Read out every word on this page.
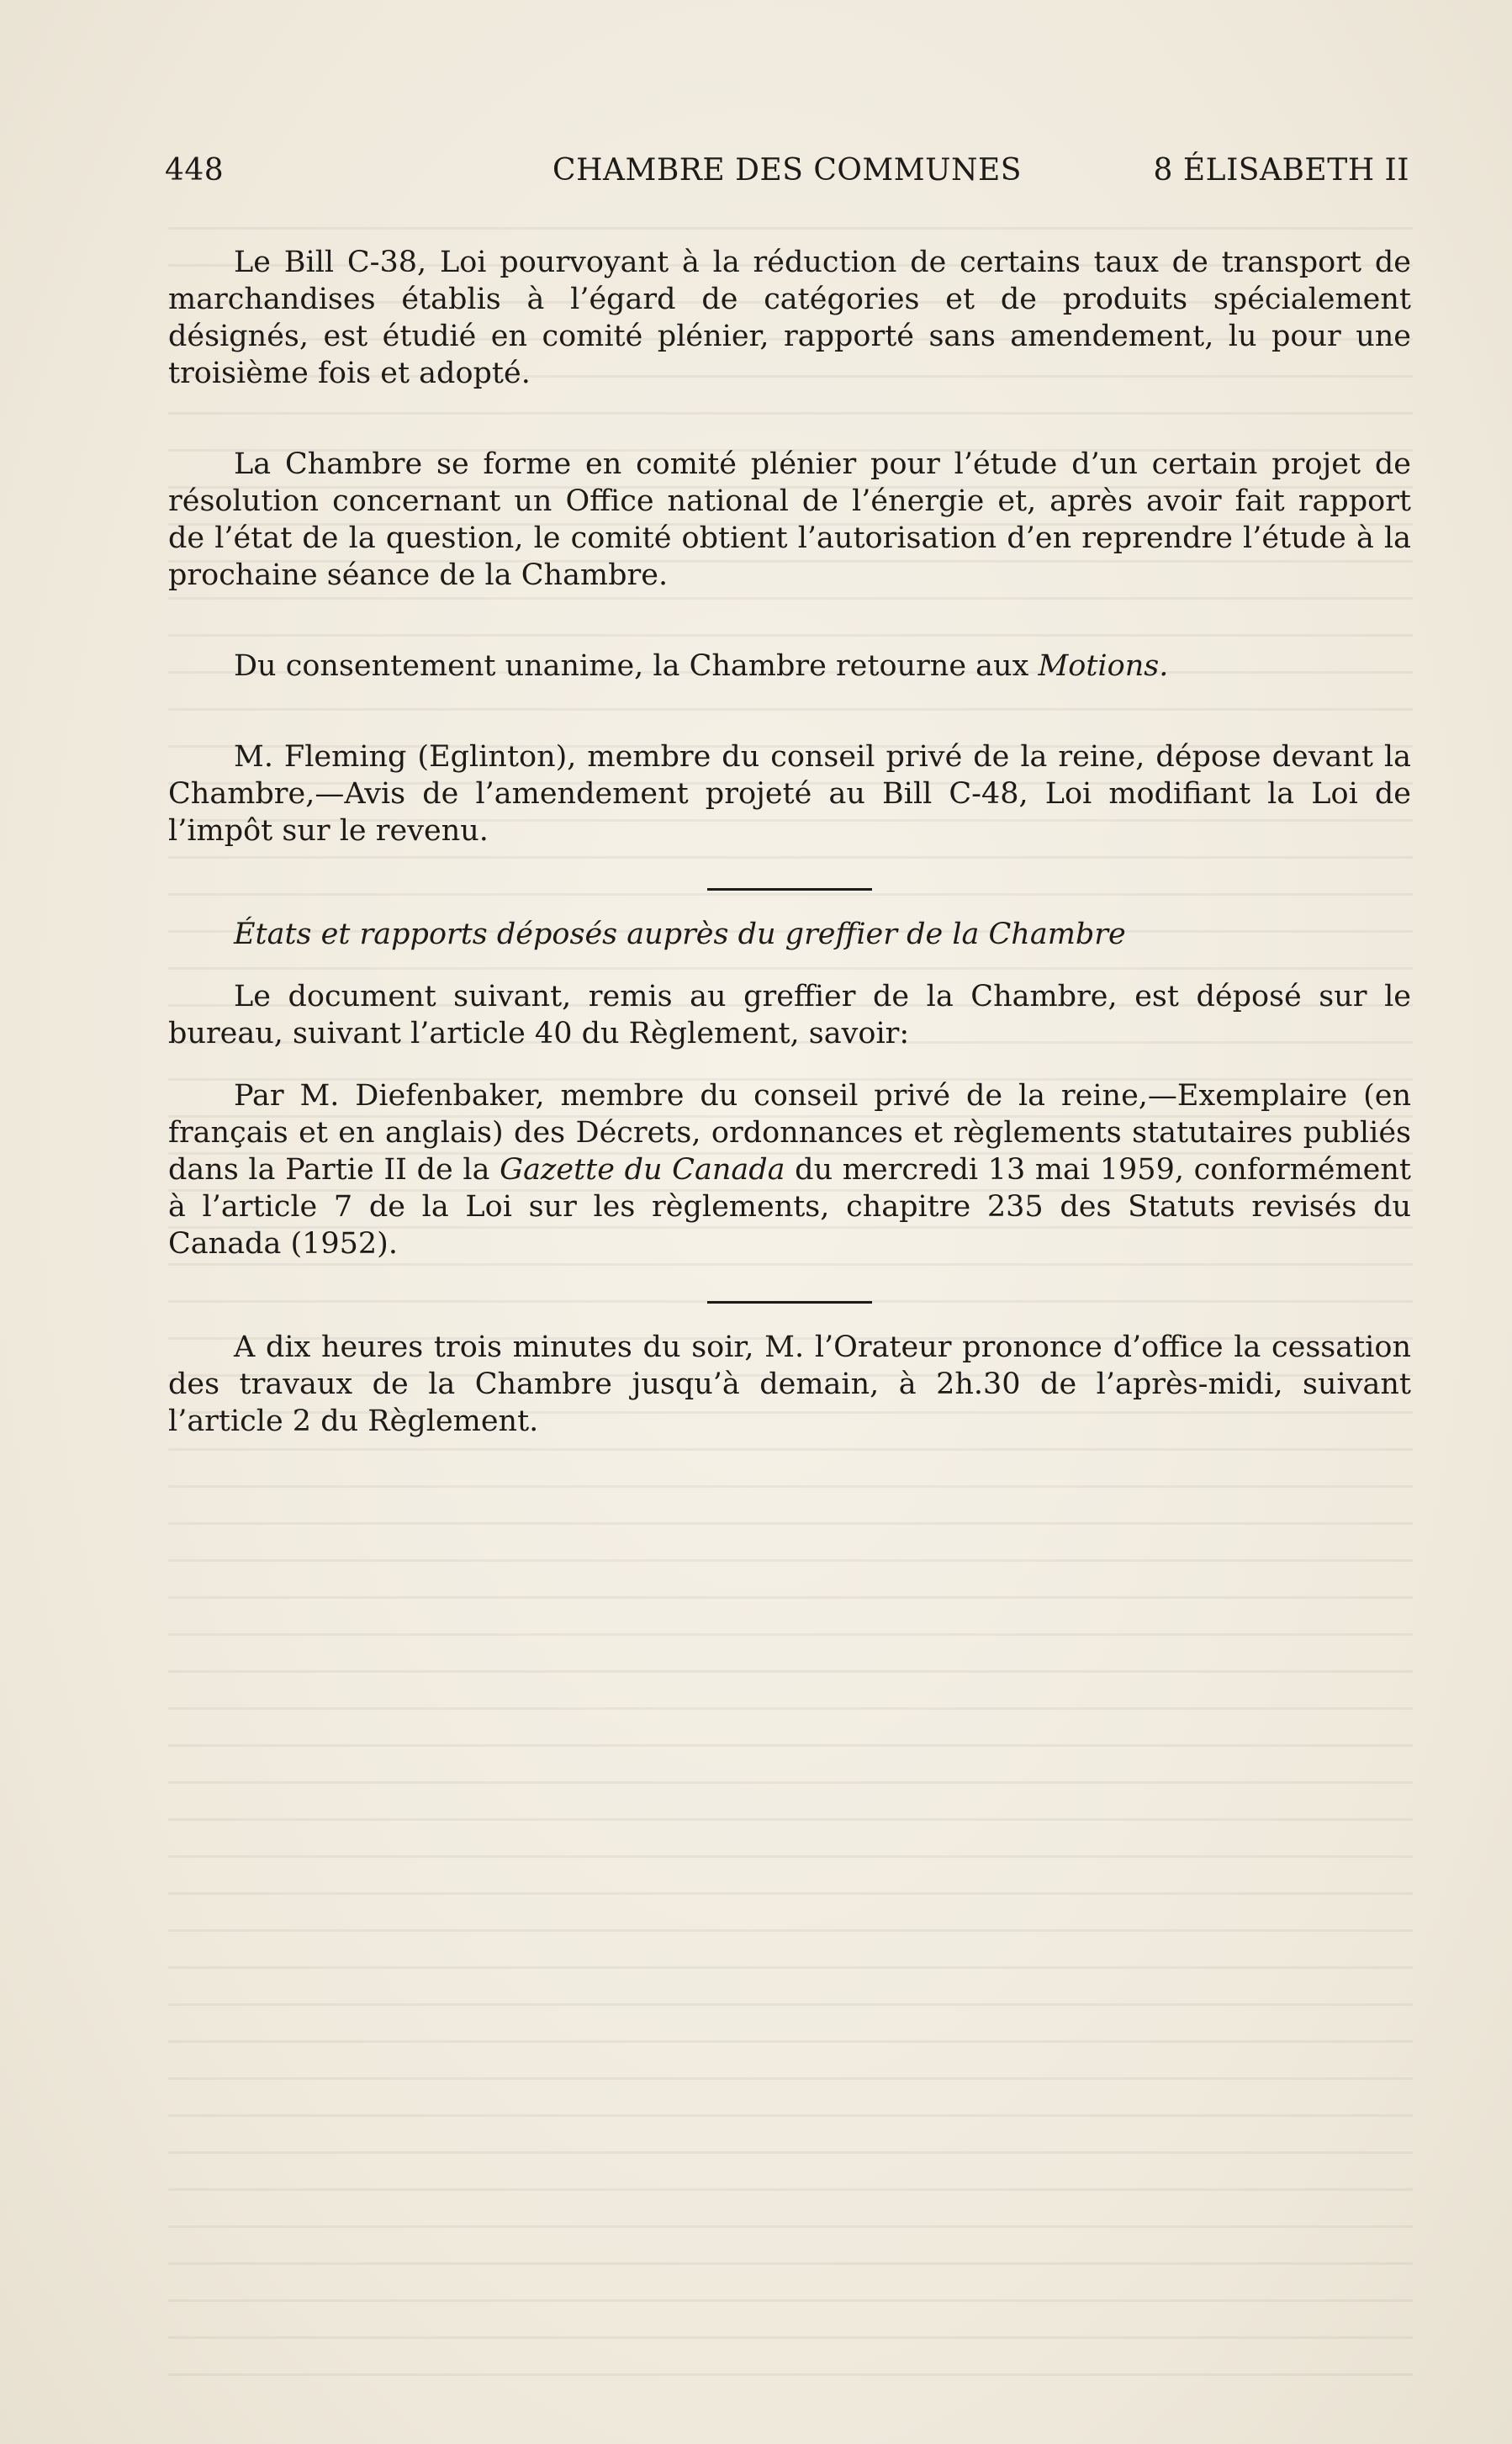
448	CHAMBRE DES COMMUNES	8 ÉLISABETH II

Le Bill C-38, Loi pourvoyant à la réduction de certains taux de transport de marchandises établis à l’égard de catégories et de produits spécialement désignés, est étudié en comité plénier, rapporté sans amendement, lu pour une troisième fois et adopté.

La Chambre se forme en comité plénier pour l’étude d’un certain projet de résolution concernant un Office national de l’énergie et, après avoir fait rapport de l’état de la question, le comité obtient l’autorisation d’en reprendre l’étude à la prochaine séance de la Chambre.

Du consentement unanime, la Chambre retourne aux Motions.

M. Fleming (Eglinton), membre du conseil privé de la reine, dépose devant la Chambre,—Avis de l’amendement projeté au Bill C-48, Loi modifiant la Loi de l’impôt sur le revenu.

États et rapports déposés auprès du greffier de la Chambre

Le document suivant, remis au greffier de la Chambre, est déposé sur le bureau, suivant l’article 40 du Règlement, savoir:

Par M. Diefenbaker, membre du conseil privé de la reine,—Exemplaire (en français et en anglais) des Décrets, ordonnances et règlements statutaires publiés dans la Partie II de la Gazette du Canada du mercredi 13 mai 1959, conformément à l’article 7 de la Loi sur les règlements, chapitre 235 des Statuts revisés du Canada (1952).

A dix heures trois minutes du soir, M. l’Orateur prononce d’office la cessation des travaux de la Chambre jusqu’à demain, à 2h.30 de l’après-midi, suivant l’article 2 du Règlement.
